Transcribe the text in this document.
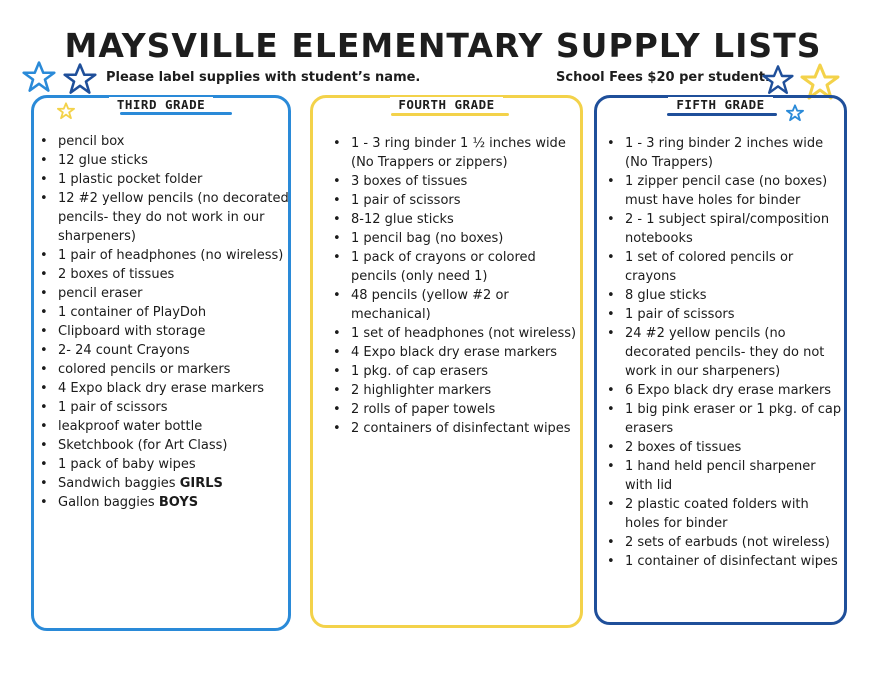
MAYSVILLE ELEMENTARY SUPPLY LISTS
Please label supplies with student’s name.	School Fees $20 per student.
THIRD GRADE
• pencil box
• 12 glue sticks
• 1 plastic pocket folder
• 12 #2 yellow pencils (no decorated pencils- they do not work in our sharpeners)
• 1 pair of headphones (no wireless)
• 2 boxes of tissues
• pencil eraser
• 1 container of PlayDoh
• Clipboard with storage
• 2- 24 count Crayons
• colored pencils or markers
• 4 Expo black dry erase markers
• 1 pair of scissors
• leakproof water bottle
• Sketchbook (for Art Class)
• 1 pack of baby wipes
• Sandwich baggies GIRLS
• Gallon baggies BOYS
FOURTH GRADE
• 1 - 3 ring binder 1 ½ inches wide (No Trappers or zippers)
• 3 boxes of tissues
• 1 pair of scissors
• 8-12 glue sticks
• 1 pencil bag (no boxes)
• 1 pack of crayons or colored pencils (only need 1)
• 48 pencils (yellow #2 or mechanical)
• 1 set of headphones (not wireless)
• 4 Expo black dry erase markers
• 1 pkg. of cap erasers
• 2 highlighter markers
• 2 rolls of paper towels
• 2 containers of disinfectant wipes
FIFTH GRADE
• 1 - 3 ring binder 2 inches wide (No Trappers)
• 1 zipper pencil case (no boxes) must have holes for binder
• 2 - 1 subject spiral/composition notebooks
• 1 set of colored pencils or crayons
• 8 glue sticks
• 1 pair of scissors
• 24 #2 yellow pencils (no decorated pencils- they do not work in our sharpeners)
• 6 Expo black dry erase markers
• 1 big pink eraser or 1 pkg. of cap erasers
• 2 boxes of tissues
• 1 hand held pencil sharpener with lid
• 2 plastic coated folders with holes for binder
• 2 sets of earbuds (not wireless)
• 1 container of disinfectant wipes
